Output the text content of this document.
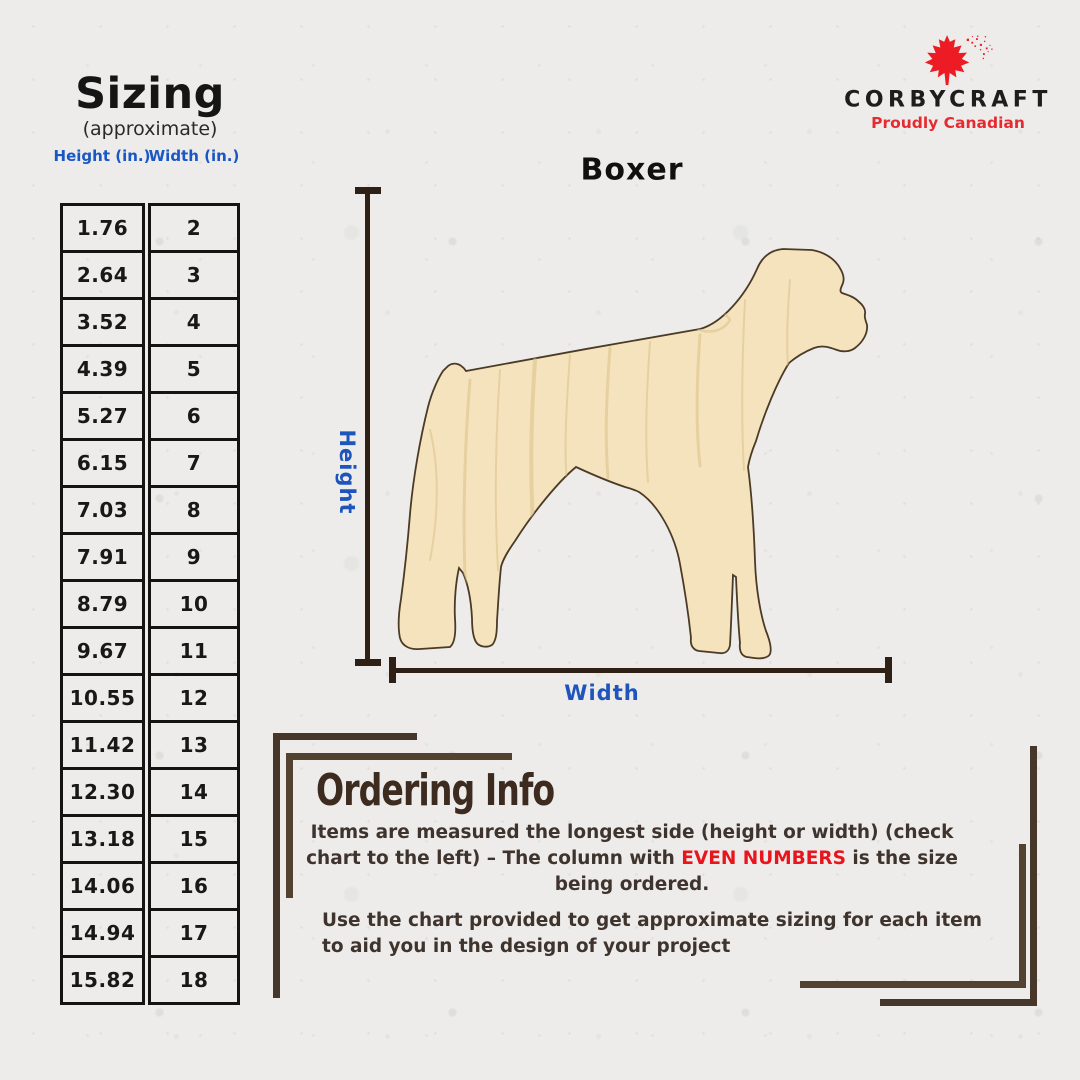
Sizing
(approximate)
Height (in.)
Width (in.)
1.76
2.64
3.52
4.39
5.27
6.15
7.03
7.91
8.79
9.67
10.55
11.42
12.30
13.18
14.06
14.94
15.82
2
3
4
5
6
7
8
9
10
11
12
13
14
15
16
17
18
CORBYCRAFT
Proudly Canadian
Boxer
Height
Width
Ordering Info
Items are measured the longest side (height or width) (check chart to the left) – The column with EVEN NUMBERS is the size being ordered.
Use the chart provided to get approximate sizing for each item to aid you in the design of your project
